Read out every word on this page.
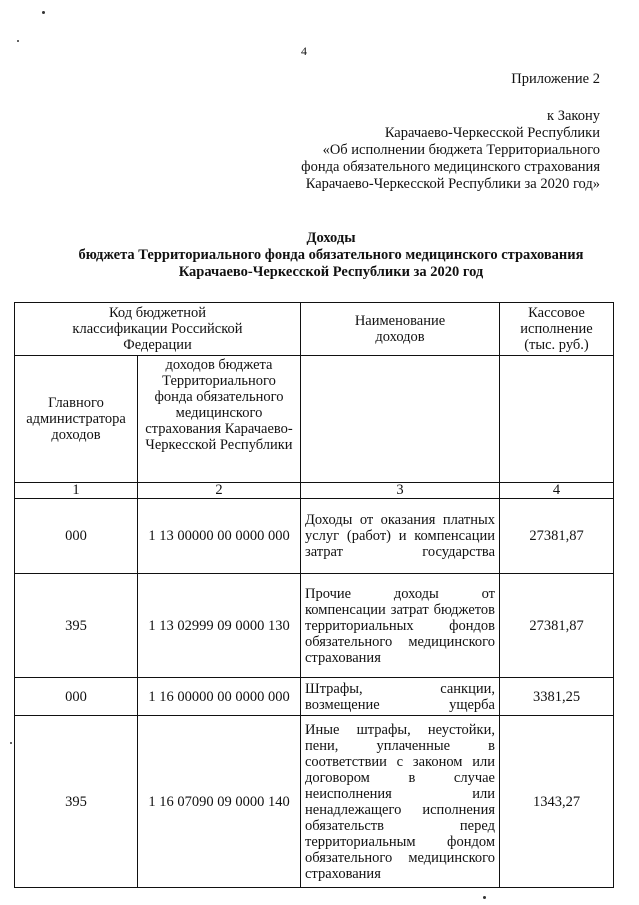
4
Приложение 2
к Закону
Карачаево-Черкесской Республики
«Об исполнении бюджета Территориального
фонда обязательного медицинского страхования
Карачаево-Черкесской Республики за 2020 год»
Доходы
бюджета Территориального фонда обязательного медицинского страхования
Карачаево-Черкесской Республики за 2020 год
Код бюджетной классификации Российской Федерации		Наименование доходов	Кассовое исполнение (тыс. руб.)
Главного администратора доходов	доходов бюджета Территориального фонда обязательного медицинского страхования Карачаево-Черкесской Республики		
1	2	3	4
000	1 13 00000 00 0000 000	Доходы от оказания платных услуг (работ) и компенсации затрат государства	27381,87
395	1 13 02999 09 0000 130	Прочие доходы от компенсации затрат бюджетов территориальных фондов обязательного медицинского страхования	27381,87
000	1 16 00000 00 0000 000	Штрафы, санкции, возмещение ущерба	3381,25
395	1 16 07090 09 0000 140	Иные штрафы, неустойки, пени, уплаченные в соответствии с законом или договором в случае неисполнения или ненадлежащего исполнения обязательств перед территориальным фондом обязательного медицинского страхования	1343,27
